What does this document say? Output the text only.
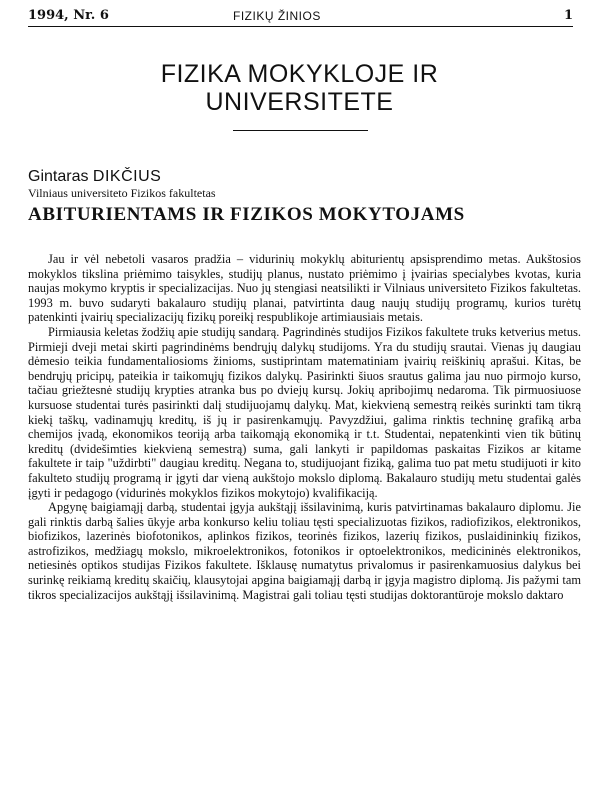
1994, Nr. 6	FIZIKŲ ŽINIOS	1
FIZIKA MOKYKLOJE IR
UNIVERSITETE
Gintaras DIKČIUS
Vilniaus universiteto Fizikos fakultetas
ABITURIENTAMS IR FIZIKOS MOKYTOJAMS

Jau ir vėl nebetoli vasaros pradžia – vidurinių mokyklų abiturientų apsisprendimo metas. Aukštosios mokyklos tikslina priėmimo taisykles, studijų planus, nustato priėmimo į įvairias specialybes kvotas, kuria naujas mokymo kryptis ir specializacijas. Nuo jų stengiasi neatsilikti ir Vilniaus universiteto Fizikos fakultetas. 1993 m. buvo sudaryti bakalauro studijų planai, patvirtinta daug naujų studijų programų, kurios turėtų patenkinti įvairių specializacijų fizikų poreikį respublikoje artimiausiais metais.

Pirmiausia keletas žodžių apie studijų sandarą. Pagrindinės studijos Fizikos fakultete truks ketverius metus. Pirmieji dveji metai skirti pagrindinėms bendrųjų dalykų studijoms. Yra du studijų srautai. Vienas jų daugiau dėmesio teikia fundamentaliosioms žinioms, sustiprintam matematiniam įvairių reiškinių aprašui. Kitas, be bendrųjų pricipų, pateikia ir taikomųjų fizikos dalykų. Pasirinkti šiuos srautus galima jau nuo pirmojo kurso, tačiau griežtesnė studijų krypties atranka bus po dviejų kursų. Jokių apribojimų nedaroma. Tik pirmuosiuose kursuose studentai turės pasirinkti dalį studijuojamų dalykų. Mat, kiekvieną semestrą reikės surinkti tam tikrą kiekį taškų, vadinamųjų kreditų, iš jų ir pasirenkamųjų. Pavyzdžiui, galima rinktis techninę grafiką arba chemijos įvadą, ekonomikos teoriją arba taikomąją ekonomiką ir t.t. Studentai, nepatenkinti vien tik būtinų kreditų (dvidešimties kiekvieną semestrą) suma, gali lankyti ir papildomas paskaitas Fizikos ar kitame fakultete ir taip "uždirbti" daugiau kreditų. Negana to, studijuojant fiziką, galima tuo pat metu studijuoti ir kito fakulteto studijų programą ir įgyti dar vieną aukštojo mokslo diplomą. Bakalauro studijų metu studentai galės įgyti ir pedagogo (vidurinės mokyklos fizikos mokytojo) kvalifikaciją.

Apgynę baigiamąjį darbą, studentai įgyja aukštąjį išsilavinimą, kuris patvirtinamas bakalauro diplomu. Jie gali rinktis darbą šalies ūkyje arba konkurso keliu toliau tęsti specializuotas fizikos, radiofizikos, elektronikos, biofizikos, lazerinės biofotonikos, aplinkos fizikos, teorinės fizikos, lazerių fizikos, puslaidininkių fizikos, astrofizikos, medžiagų mokslo, mikroelektronikos, fotonikos ir optoelektronikos, medicininės elektronikos, netiesinės optikos studijas Fizikos fakultete. Išklausę numatytus privalomus ir pasirenkamuosius dalykus bei surinkę reikiamą kreditų skaičių, klausytojai apgina baigiamąjį darbą ir įgyja magistro diplomą. Jis pažymi tam tikros specializacijos aukštąjį išsilavinimą. Magistrai gali toliau tęsti studijas doktorantūroje mokslo daktaro
